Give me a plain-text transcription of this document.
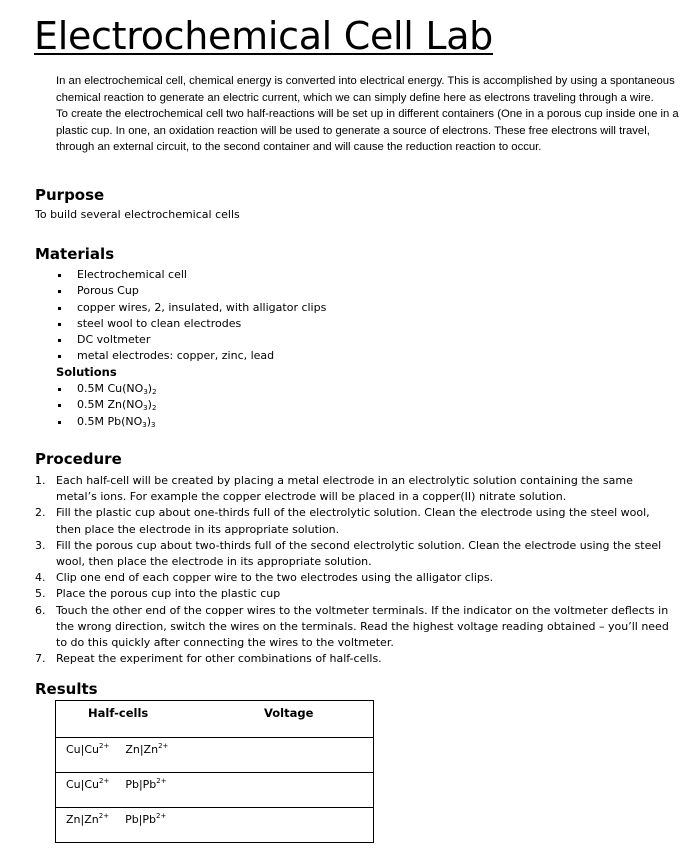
Electrochemical Cell Lab

In an electrochemical cell, chemical energy is converted into electrical energy. This is accomplished by using a spontaneous chemical reaction to generate an electric current, which we can simply define here as electrons traveling through a wire.

To create the electrochemical cell two half-reactions will be set up in different containers (One in a porous cup inside one in a plastic cup. In one, an oxidation reaction will be used to generate a source of electrons. These free electrons will travel, through an external circuit, to the second container and will cause the reduction reaction to occur.

Purpose

To build several electrochemical cells

Materials
Electrochemical cell
Porous Cup
copper wires, 2, insulated, with alligator clips
steel wool to clean electrodes
DC voltmeter
metal electrodes: copper, zinc, lead

Solutions

0.5M $Cu(NO_3)_2$
0.5M $Zn(NO_3)_2$
0.5M $Pb(NO_3)_3$
Procedure
1. Each half-cell will be created by placing a metal electrode in an electrolytic solution containing the same metal’s ions. For example the copper electrode will be placed in a copper(II) nitrate solution.
2. Fill the plastic cup about one-thirds full of the electrolytic solution. Clean the electrode using the steel wool, then place the electrode in its appropriate solution.
3. Fill the porous cup about two-thirds full of the second electrolytic solution. Clean the electrode using the steel wool, then place the electrode in its appropriate solution.
4. Clip one end of each copper wire to the two electrodes using the alligator clips.
5. Place the porous cup into the plastic cup
6. Touch the other end of the copper wires to the voltmeter terminals. If the indicator on the voltmeter deflects in the wrong direction, switch the wires on the terminals. Read the highest voltage reading obtained – you’ll need to do this quickly after connecting the wires to the voltmeter.
7. Repeat the experiment for other combinations of half-cells.
Results
Half-cells	Voltage
$Cu|Cu^{2+}$ $Zn|Zn^{2+}$	
$Cu|Cu^{2+}$ $Pb|Pb^{2+}$	
$Zn|Zn^{2+}$ $Pb|Pb^{2+}$	
